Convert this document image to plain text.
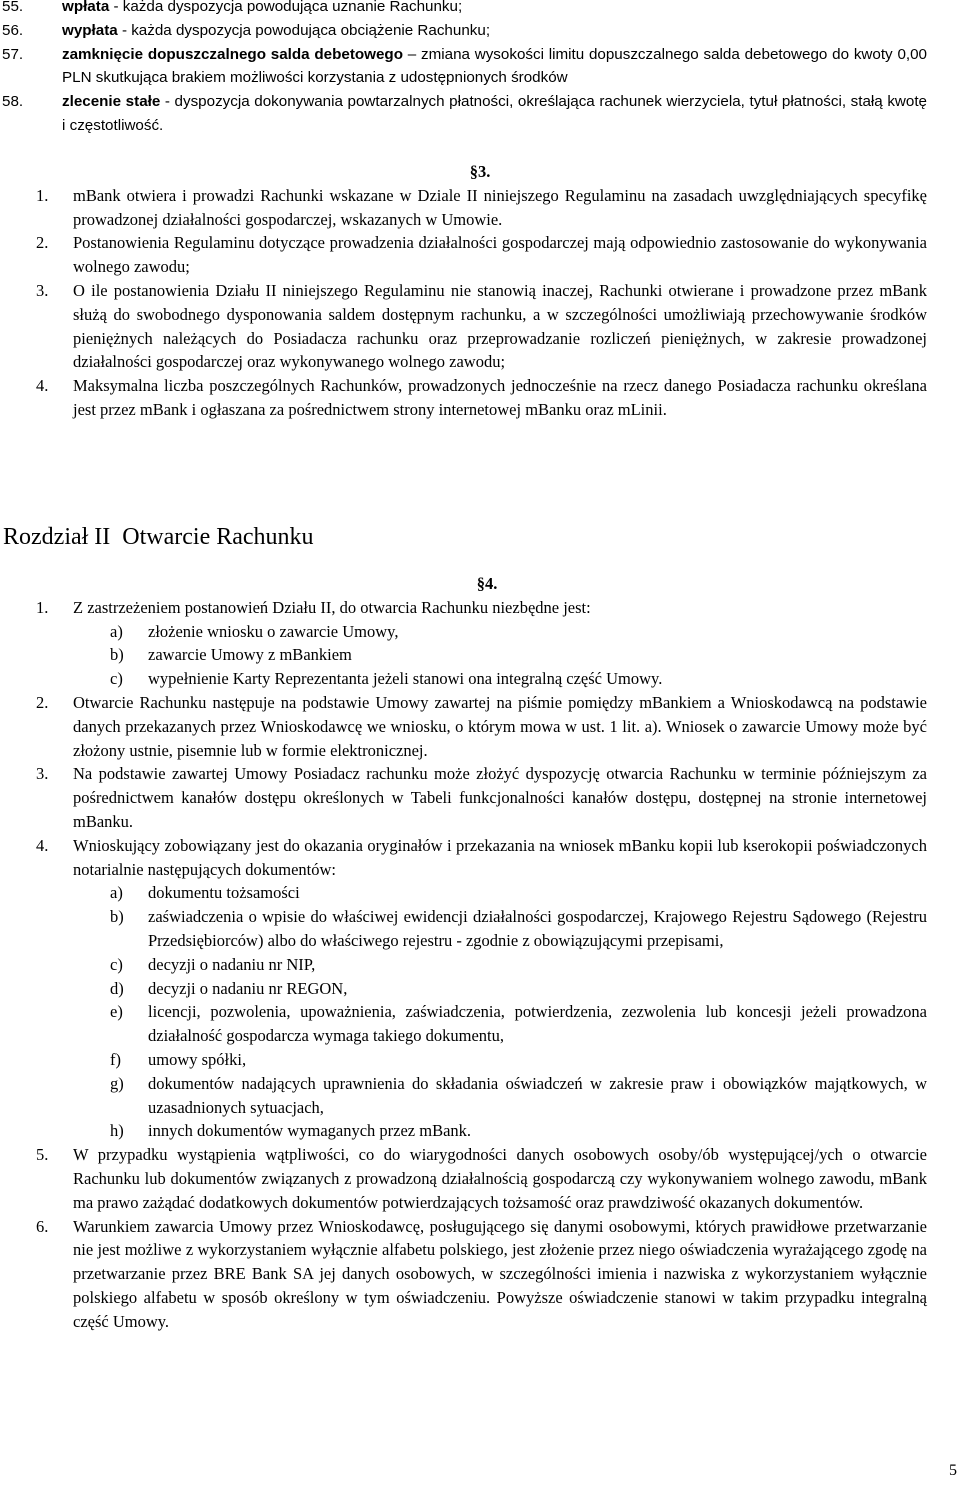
55.	wpłata - każda dyspozycja powodująca uznanie Rachunku;
56.	wypłata - każda dyspozycja powodująca obciążenie Rachunku;
57.	zamknięcie dopuszczalnego salda debetowego – zmiana wysokości limitu dopuszczalnego salda debetowego do kwoty 0,00 PLN skutkująca brakiem możliwości korzystania z udostępnionych środków
58.	zlecenie stałe - dyspozycja dokonywania powtarzalnych płatności, określająca rachunek wierzyciela, tytuł płatności, stałą kwotę i częstotliwość.
§3.
1. mBank otwiera i prowadzi Rachunki wskazane w Dziale II niniejszego Regulaminu na zasadach uwzględniających specyfikę prowadzonej działalności gospodarczej, wskazanych w Umowie.
2. Postanowienia Regulaminu dotyczące prowadzenia działalności gospodarczej mają odpowiednio zastosowanie do wykonywania wolnego zawodu;
3. O ile postanowienia Działu II niniejszego Regulaminu nie stanowią inaczej, Rachunki otwierane i prowadzone przez mBank służą do swobodnego dysponowania saldem dostępnym rachunku, a w szczególności umożliwiają przechowywanie środków pieniężnych należących do Posiadacza rachunku oraz przeprowadzanie rozliczeń pieniężnych, w zakresie prowadzonej działalności gospodarczej oraz wykonywanego wolnego zawodu;
4. Maksymalna liczba poszczególnych Rachunków, prowadzonych jednocześnie na rzecz danego Posiadacza rachunku określana jest przez mBank i ogłaszana za pośrednictwem strony internetowej mBanku oraz mLinii.
Rozdział II  Otwarcie Rachunku
§4.
1. Z zastrzeżeniem postanowień Działu II, do otwarcia Rachunku niezbędne jest:
a) złożenie wniosku o zawarcie Umowy,
b) zawarcie Umowy z mBankiem
c) wypełnienie Karty Reprezentanta jeżeli stanowi ona integralną część Umowy.
2. Otwarcie Rachunku następuje na podstawie Umowy zawartej na piśmie pomiędzy mBankiem a Wnioskodawcą na podstawie danych przekazanych przez Wnioskodawcę we wniosku, o którym mowa w ust. 1 lit. a). Wniosek o zawarcie Umowy może być złożony ustnie, pisemnie lub w formie elektronicznej.
3. Na podstawie zawartej Umowy Posiadacz rachunku może złożyć dyspozycję otwarcia Rachunku w terminie późniejszym za pośrednictwem kanałów dostępu określonych w Tabeli funkcjonalności kanałów dostępu, dostępnej na stronie internetowej mBanku.
4. Wnioskujący zobowiązany jest do okazania oryginałów i przekazania na wniosek mBanku kopii lub kserokopii poświadczonych notarialnie następujących dokumentów:
a) dokumentu tożsamości
b) zaświadczenia o wpisie do właściwej ewidencji działalności gospodarczej, Krajowego Rejestru Sądowego (Rejestru Przedsiębiorców) albo do właściwego rejestru - zgodnie z obowiązującymi przepisami,
c) decyzji o nadaniu nr NIP,
d) decyzji o nadaniu nr REGON,
e) licencji, pozwolenia, upoważnienia, zaświadczenia, potwierdzenia, zezwolenia lub koncesji jeżeli prowadzona działalność gospodarcza wymaga takiego dokumentu,
f) umowy spółki,
g) dokumentów nadających uprawnienia do składania oświadczeń w zakresie praw i obowiązków majątkowych, w uzasadnionych sytuacjach,
h) innych dokumentów wymaganych przez mBank.
5. W przypadku wystąpienia wątpliwości, co do wiarygodności danych osobowych osoby/ób występującej/ych o otwarcie Rachunku lub dokumentów związanych z prowadzoną działalnością gospodarczą czy wykonywaniem wolnego zawodu, mBank ma prawo zażądać dodatkowych dokumentów potwierdzających tożsamość oraz prawdziwość okazanych dokumentów.
6. Warunkiem zawarcia Umowy przez Wnioskodawcę, posługującego się danymi osobowymi, których prawidłowe przetwarzanie nie jest możliwe z wykorzystaniem wyłącznie alfabetu polskiego, jest złożenie przez niego oświadczenia wyrażającego zgodę na przetwarzanie przez BRE Bank SA jej danych osobowych, w szczególności imienia i nazwiska z wykorzystaniem wyłącznie polskiego alfabetu w sposób określony w tym oświadczeniu. Powyższe oświadczenie stanowi w takim przypadku integralną część Umowy.
5
